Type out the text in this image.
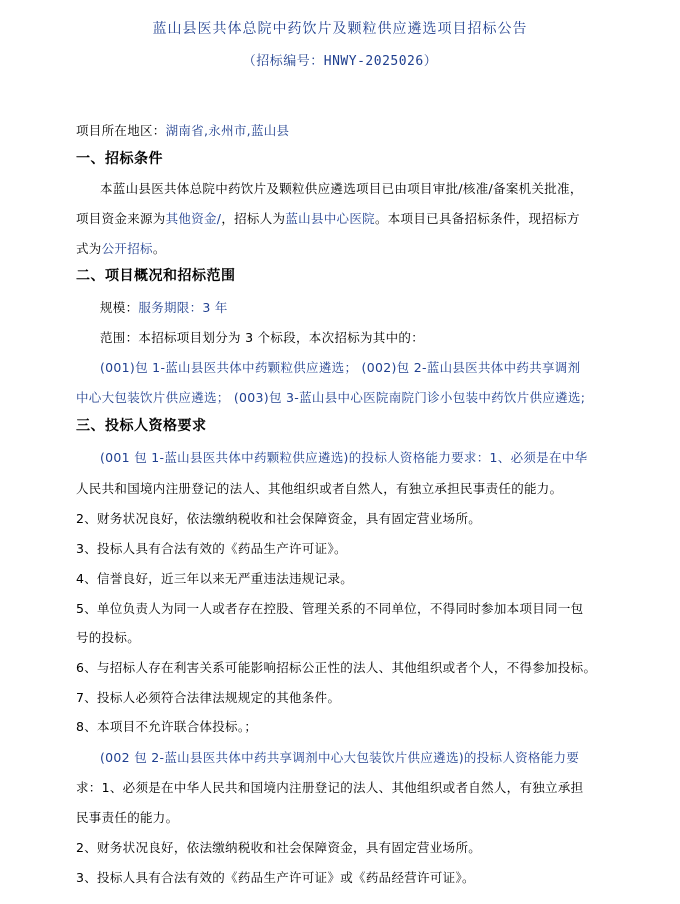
蓝山县医共体总院中药饮片及颗粒供应遴选项目招标公告
（招标编号：HNWY-2025026）
项目所在地区：湖南省,永州市,蓝山县
一、招标条件
本蓝山县医共体总院中药饮片及颗粒供应遴选项目已由项目审批/核准/备案机关批准，
项目资金来源为其他资金/，招标人为蓝山县中心医院。本项目已具备招标条件，现招标方
式为公开招标。
二、项目概况和招标范围
规模：服务期限：3 年
范围：本招标项目划分为 3 个标段，本次招标为其中的：
(001)包 1-蓝山县医共体中药颗粒供应遴选； (002)包 2-蓝山县医共体中药共享调剂
中心大包装饮片供应遴选； (003)包 3-蓝山县中心医院南院门诊小包装中药饮片供应遴选;
三、投标人资格要求
(001 包 1-蓝山县医共体中药颗粒供应遴选)的投标人资格能力要求：1、必须是在中华
人民共和国境内注册登记的法人、其他组织或者自然人，有独立承担民事责任的能力。
2、财务状况良好，依法缴纳税收和社会保障资金，具有固定营业场所。
3、投标人具有合法有效的《药品生产许可证》。
4、信誉良好，近三年以来无严重违法违规记录。
5、单位负责人为同一人或者存在控股、管理关系的不同单位，不得同时参加本项目同一包
号的投标。
6、与招标人存在利害关系可能影响招标公正性的法人、其他组织或者个人，不得参加投标。
7、投标人必须符合法律法规规定的其他条件。
8、本项目不允许联合体投标。；
(002 包 2-蓝山县医共体中药共享调剂中心大包装饮片供应遴选)的投标人资格能力要
求：1、必须是在中华人民共和国境内注册登记的法人、其他组织或者自然人，有独立承担
民事责任的能力。
2、财务状况良好，依法缴纳税收和社会保障资金，具有固定营业场所。
3、投标人具有合法有效的《药品生产许可证》或《药品经营许可证》。
